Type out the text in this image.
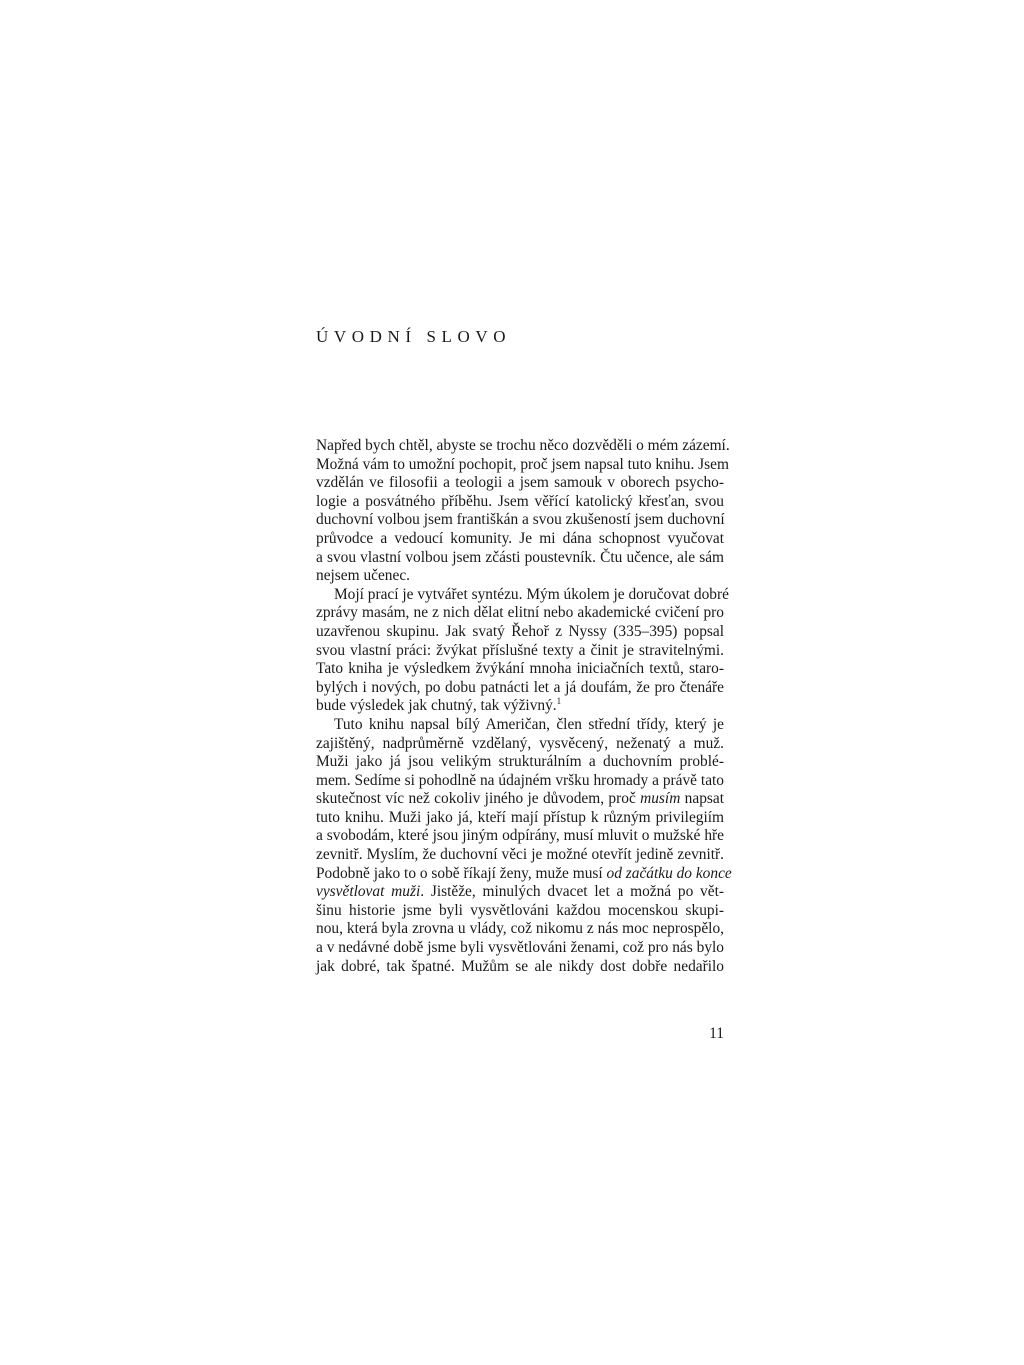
ÚVODNÍ SLOVO
Napřed bych chtěl, abyste se trochu něco dozvěděli o mém zázemí.
Možná vám to umožní pochopit, proč jsem napsal tuto knihu. Jsem
vzdělán ve filosofii a teologii a jsem samouk v oborech psycho-
logie a posvátného příběhu. Jsem věřící katolický křesťan, svou
duchovní volbou jsem františkán a svou zkušeností jsem duchovní
průvodce a vedoucí komunity. Je mi dána schopnost vyučovat
a svou vlastní volbou jsem zčásti poustevník. Čtu učence, ale sám
nejsem učenec.
Mojí prací je vytvářet syntézu. Mým úkolem je doručovat dobré
zprávy masám, ne z nich dělat elitní nebo akademické cvičení pro
uzavřenou skupinu. Jak svatý Řehoř z Nyssy (335–395) popsal
svou vlastní práci: žvýkat příslušné texty a činit je stravitelnými.
Tato kniha je výsledkem žvýkání mnoha iniciačních textů, staro-
bylých i nových, po dobu patnácti let a já doufám, že pro čtenáře
bude výsledek jak chutný, tak výživný.$^1$
Tuto knihu napsal bílý Američan, člen střední třídy, který je
zajištěný, nadprůměrně vzdělaný, vysvěcený, neženatý a muž.
Muži jako já jsou velikým strukturálním a duchovním problé-
mem. Sedíme si pohodlně na údajném vršku hromady a právě tato
skutečnost víc než cokoliv jiného je důvodem, proč musím napsat
tuto knihu. Muži jako já, kteří mají přístup k různým privilegiím
a svobodám, které jsou jiným odpírány, musí mluvit o mužské hře
zevnitř. Myslím, že duchovní věci je možné otevřít jedině zevnitř.
Podobně jako to o sobě říkají ženy, muže musí od začátku do konce
vysvětlovat muži. Jistěže, minulých dvacet let a možná po vět-
šinu historie jsme byli vysvětlováni každou mocenskou skupi-
nou, která byla zrovna u vlády, což nikomu z nás moc neprospělo,
a v nedávné době jsme byli vysvětlováni ženami, což pro nás bylo
jak dobré, tak špatné. Mužům se ale nikdy dost dobře nedařilo
11
